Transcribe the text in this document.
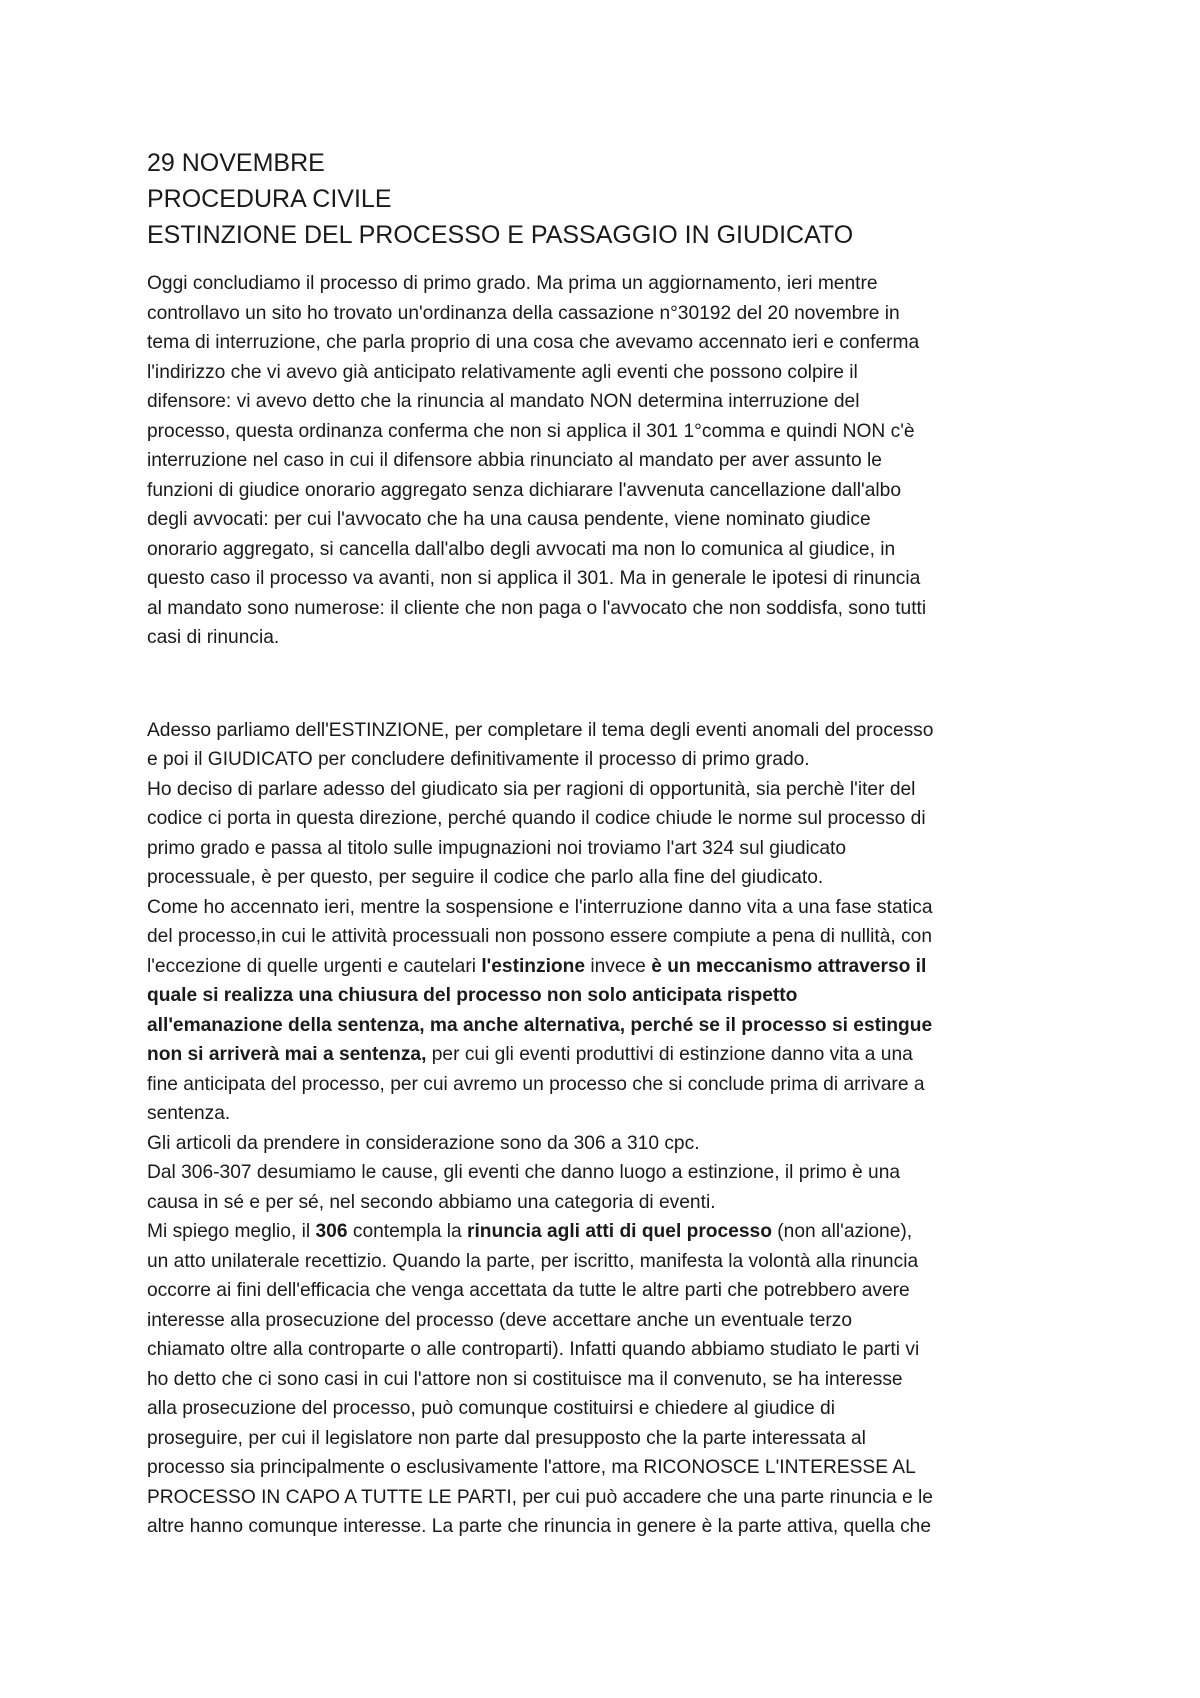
29 NOVEMBRE
PROCEDURA CIVILE
ESTINZIONE DEL PROCESSO E PASSAGGIO IN GIUDICATO

Oggi concludiamo il processo di primo grado. Ma prima un aggiornamento, ieri mentre
controllavo un sito ho trovato un'ordinanza della cassazione n°30192 del 20 novembre in
tema di interruzione, che parla proprio di una cosa che avevamo accennato ieri e conferma
l'indirizzo che vi avevo già anticipato relativamente agli eventi che possono colpire il
difensore: vi avevo detto che la rinuncia al mandato NON determina interruzione del
processo, questa ordinanza conferma che non si applica il 301 1°comma e quindi NON c'è
interruzione nel caso in cui il difensore abbia rinunciato al mandato per aver assunto le
funzioni di giudice onorario aggregato senza dichiarare l'avvenuta cancellazione dall'albo
degli avvocati: per cui l'avvocato che ha una causa pendente, viene nominato giudice
onorario aggregato, si cancella dall'albo degli avvocati ma non lo comunica al giudice, in
questo caso il processo va avanti, non si applica il 301. Ma in generale le ipotesi di rinuncia
al mandato sono numerose: il cliente che non paga o l'avvocato che non soddisfa, sono tutti
casi di rinuncia.

Adesso parliamo dell'ESTINZIONE, per completare il tema degli eventi anomali del processo
e poi il GIUDICATO per concludere definitivamente il processo di primo grado.
Ho deciso di parlare adesso del giudicato sia per ragioni di opportunità, sia perchè l'iter del
codice ci porta in questa direzione, perché quando il codice chiude le norme sul processo di
primo grado e passa al titolo sulle impugnazioni noi troviamo l'art 324 sul giudicato
processuale, è per questo, per seguire il codice che parlo alla fine del giudicato.
Come ho accennato ieri, mentre la sospensione e l'interruzione danno vita a una fase statica
del processo,in cui le attività processuali non possono essere compiute a pena di nullità, con
l'eccezione di quelle urgenti e cautelari l'estinzione invece è un meccanismo attraverso il
quale si realizza una chiusura del processo non solo anticipata rispetto
all'emanazione della sentenza, ma anche alternativa, perché se il processo si estingue
non si arriverà mai a sentenza, per cui gli eventi produttivi di estinzione danno vita a una
fine anticipata del processo, per cui avremo un processo che si conclude prima di arrivare a
sentenza.
Gli articoli da prendere in considerazione sono da 306 a 310 cpc.
Dal 306-307 desumiamo le cause, gli eventi che danno luogo a estinzione, il primo è una
causa in sé e per sé, nel secondo abbiamo una categoria di eventi.
Mi spiego meglio, il 306 contempla la rinuncia agli atti di quel processo (non all'azione),
un atto unilaterale recettizio. Quando la parte, per iscritto, manifesta la volontà alla rinuncia
occorre ai fini dell'efficacia che venga accettata da tutte le altre parti che potrebbero avere
interesse alla prosecuzione del processo (deve accettare anche un eventuale terzo
chiamato oltre alla controparte o alle controparti). Infatti quando abbiamo studiato le parti vi
ho detto che ci sono casi in cui l'attore non si costituisce ma il convenuto, se ha interesse
alla prosecuzione del processo, può comunque costituirsi e chiedere al giudice di
proseguire, per cui il legislatore non parte dal presupposto che la parte interessata al
processo sia principalmente o esclusivamente l'attore, ma RICONOSCE L'INTERESSE AL
PROCESSO IN CAPO A TUTTE LE PARTI, per cui può accadere che una parte rinuncia e le
altre hanno comunque interesse. La parte che rinuncia in genere è la parte attiva, quella che
